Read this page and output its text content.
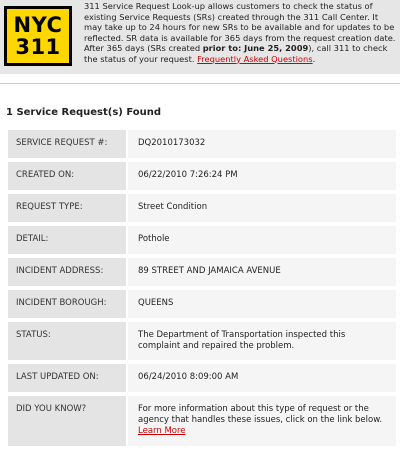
NYC
311
311 Service Request Look-up allows customers to check the status of existing Service Requests (SRs) created through the 311 Call Center. It may take up to 24 hours for new SRs to be available and for updates to be reflected. SR data is available for 365 days from the request creation date. After 365 days (SRs created prior to: June 25, 2009), call 311 to check the status of your request. Frequently Asked Questions.
1 Service Request(s) Found
SERVICE REQUEST #:	DQ2010173032
CREATED ON:	06/22/2010 7:26:24 PM
REQUEST TYPE:	Street Condition
DETAIL:	Pothole
INCIDENT ADDRESS:	89 STREET AND JAMAICA AVENUE
INCIDENT BOROUGH:	QUEENS
STATUS:	The Department of Transportation inspected this complaint and repaired the problem.
LAST UPDATED ON:	06/24/2010 8:09:00 AM
DID YOU KNOW?	For more information about this type of request or the agency that handles these issues, click on the link below.
Learn More
